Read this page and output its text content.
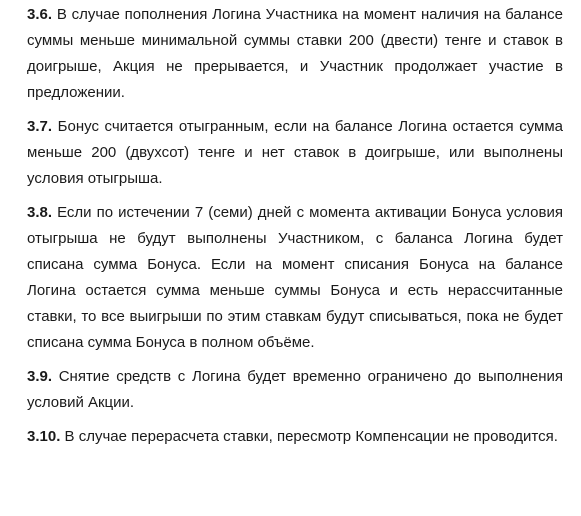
3.6. В случае пополнения Логина Участника на момент наличия на балансе суммы меньше минимальной суммы ставки 200 (двести) тенге и ставок в доигрыше, Акция не прерывается, и Участник продолжает участие в предложении.

3.7. Бонус считается отыгранным, если на балансе Логина остается сумма меньше 200 (двухсот) тенге и нет ставок в доигрыше, или выполнены условия отыгрыша.

3.8. Если по истечении 7 (семи) дней с момента активации Бонуса условия отыгрыша не будут выполнены Участником, с баланса Логина будет списана сумма Бонуса. Если на момент списания Бонуса на балансе Логина остается сумма меньше суммы Бонуса и есть нерассчитанные ставки, то все выигрыши по этим ставкам будут списываться, пока не будет списана сумма Бонуса в полном объёме.

3.9. Снятие средств с Логина будет временно ограничено до выполнения условий Акции.

3.10. В случае перерасчета ставки, пересмотр Компенсации не проводится.
